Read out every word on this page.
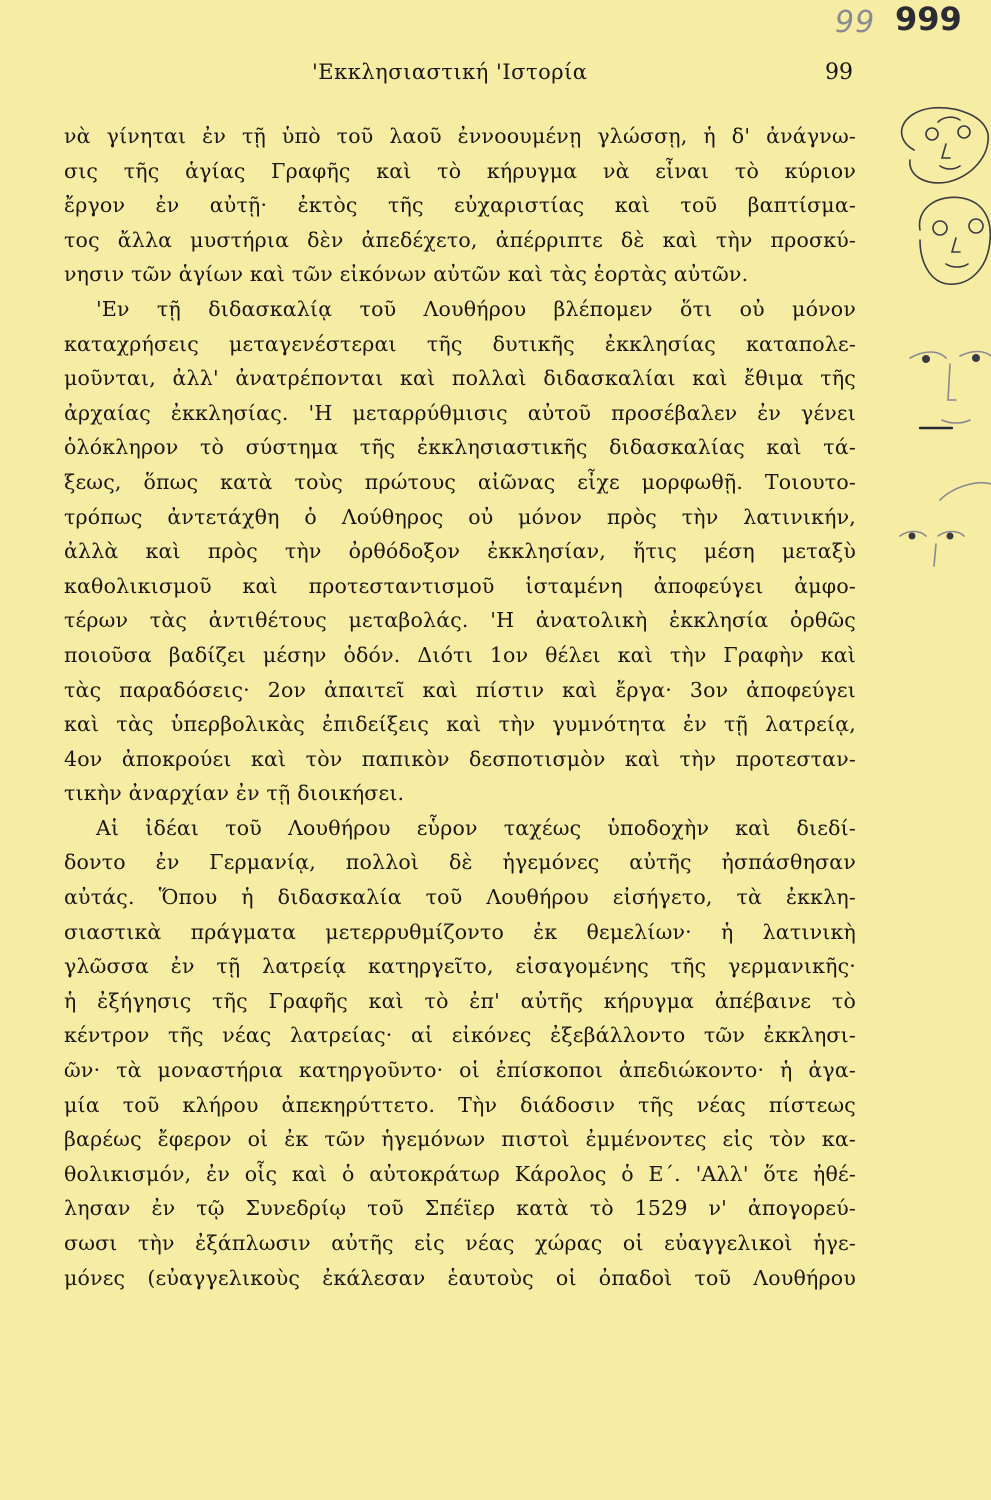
99 999
'Εκκλησιαστική 'Ιστορία	99
νὰ γίνηται ἐν τῇ ὑπὸ τοῦ λαοῦ ἐννοουμένῃ γλώσσῃ, ἡ δ' ἀνάγνω-
σις τῆς ἁγίας Γραφῆς καὶ τὸ κήρυγμα νὰ εἶναι τὸ κύριον
ἔργον ἐν αὐτῇ· ἐκτὸς τῆς εὐχαριστίας καὶ τοῦ βαπτίσμα-
τος ἄλλα μυστήρια δὲν ἀπεδέχετο, ἀπέρριπτε δὲ καὶ τὴν προσκύ-
νησιν τῶν ἁγίων καὶ τῶν εἰκόνων αὐτῶν καὶ τὰς ἑορτὰς αὐτῶν.
'Εν τῇ διδασκαλίᾳ τοῦ Λουθήρου βλέπομεν ὅτι οὐ μόνον
καταχρήσεις μεταγενέστεραι τῆς δυτικῆς ἐκκλησίας καταπολε-
μοῦνται, ἀλλ' ἀνατρέπονται καὶ πολλαὶ διδασκαλίαι καὶ ἔθιμα τῆς
ἀρχαίας ἐκκλησίας. 'Η μεταρρύθμισις αὐτοῦ προσέβαλεν ἐν γένει
ὁλόκληρον τὸ σύστημα τῆς ἐκκλησιαστικῆς διδασκαλίας καὶ τά-
ξεως, ὅπως κατὰ τοὺς πρώτους αἰῶνας εἶχε μορφωθῇ. Τοιουτο-
τρόπως ἀντετάχθη ὁ Λούθηρος οὐ μόνον πρὸς τὴν λατινικήν,
ἀλλὰ καὶ πρὸς τὴν ὀρθόδοξον ἐκκλησίαν, ἥτις μέση μεταξὺ
καθολικισμοῦ καὶ προτεσταντισμοῦ ἱσταμένη ἀποφεύγει ἀμφο-
τέρων τὰς ἀντιθέτους μεταβολάς. 'Η ἀνατολικὴ ἐκκλησία ὀρθῶς
ποιοῦσα βαδίζει μέσην ὁδόν. Διότι 1ον θέλει καὶ τὴν Γραφὴν καὶ
τὰς παραδόσεις· 2ον ἀπαιτεῖ καὶ πίστιν καὶ ἔργα· 3ον ἀποφεύγει
καὶ τὰς ὑπερβολικὰς ἐπιδείξεις καὶ τὴν γυμνότητα ἐν τῇ λατρείᾳ,
4ον ἀποκρούει καὶ τὸν παπικὸν δεσποτισμὸν καὶ τὴν προτεσταν-
τικὴν ἀναρχίαν ἐν τῇ διοικήσει.
Αἱ ἰδέαι τοῦ Λουθήρου εὗρον ταχέως ὑποδοχὴν καὶ διεδί-
δοντο ἐν Γερμανίᾳ, πολλοὶ δὲ ἡγεμόνες αὐτῆς ἠσπάσθησαν
αὐτάς. Ὅπου ἡ διδασκαλία τοῦ Λουθήρου εἰσήγετο, τὰ ἐκκλη-
σιαστικὰ πράγματα μετερρυθμίζοντο ἐκ θεμελίων· ἡ λατινικὴ
γλῶσσα ἐν τῇ λατρείᾳ κατηργεῖτο, εἰσαγομένης τῆς γερμανικῆς·
ἡ ἐξήγησις τῆς Γραφῆς καὶ τὸ ἐπ' αὐτῆς κήρυγμα ἀπέβαινε τὸ
κέντρον τῆς νέας λατρείας· αἱ εἰκόνες ἐξεβάλλοντο τῶν ἐκκλησι-
ῶν· τὰ μοναστήρια κατηργοῦντο· οἱ ἐπίσκοποι ἀπεδιώκοντο· ἡ ἀγα-
μία τοῦ κλήρου ἀπεκηρύττετο. Τὴν διάδοσιν τῆς νέας πίστεως
βαρέως ἔφερον οἱ ἐκ τῶν ἡγεμόνων πιστοὶ ἐμμένοντες εἰς τὸν κα-
θολικισμόν, ἐν οἷς καὶ ὁ αὐτοκράτωρ Κάρολος ὁ Ε΄. 'Αλλ' ὅτε ἠθέ-
λησαν ἐν τῷ Συνεδρίῳ τοῦ Σπέϊερ κατὰ τὸ 1529 ν' ἀπογορεύ-
σωσι τὴν ἐξάπλωσιν αὐτῆς εἰς νέας χώρας οἱ εὐαγγελικοὶ ἡγε-
μόνες (εὐαγγελικοὺς ἐκάλεσαν ἑαυτοὺς οἱ ὀπαδοὶ τοῦ Λουθήρου
